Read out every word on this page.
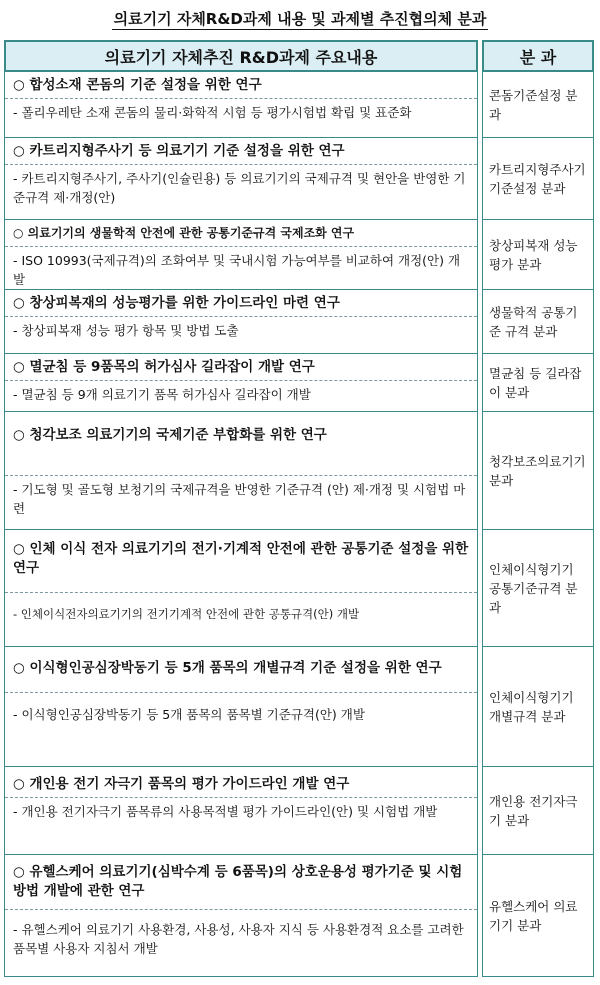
의료기기 자체R&D과제 내용 및 과제별 추진협의체 분과
의료기기 자체추진 R&D과제 주요내용
○ 합성소재 콘돔의 기준 설정을 위한 연구
- 폴리우레탄 소재 콘돔의 물리·화학적 시험 등 평가시험법 확립 및 표준화
○ 카트리지형주사기 등 의료기기 기준 설정을 위한 연구
- 카트리지형주사기, 주사기(인슐린용) 등 의료기기의 국제규격 및 현안을 반영한 기준규격 제·개정(안)
○ 의료기기의 생물학적 안전에 관한 공통기준규격 국제조화 연구
- ISO 10993(국제규격)의 조화여부 및 국내시험 가능여부를 비교하여 개정(안) 개발
○ 창상피복재의 성능평가를 위한 가이드라인 마련 연구
- 창상피복재 성능 평가 항목 및 방법 도출
○ 멸균침 등 9품목의 허가심사 길라잡이 개발 연구
- 멸균침 등 9개 의료기기 품목 허가심사 길라잡이 개발
○ 청각보조 의료기기의 국제기준 부합화를 위한 연구
- 기도형 및 골도형 보청기의 국제규격을 반영한 기준규격 (안) 제·개정 및 시험법 마련
○ 인체 이식 전자 의료기기의 전기·기계적 안전에 관한 공통기준 설정을 위한 연구
- 인체이식전자의료기기의 전기기계적 안전에 관한 공통규격(안) 개발
○ 이식형인공심장박동기 등 5개 품목의 개별규격 기준 설정을 위한 연구
- 이식형인공심장박동기 등 5개 품목의 품목별 기준규격(안) 개발
○ 개인용 전기 자극기 품목의 평가 가이드라인 개발 연구
- 개인용 전기자극기 품목류의 사용목적별 평가 가이드라인(안) 및 시험법 개발
○ 유헬스케어 의료기기(심박수계 등 6품목)의 상호운용성 평가기준 및 시험방법 개발에 관한 연구
- 유헬스케어 의료기기 사용환경, 사용성, 사용자 지식 등 사용환경적 요소를 고려한 품목별 사용자 지침서 개발
분 과
콘돔기준설정 분과
카트리지형주사기 기준설정 분과
창상피복재 성능평가 분과
생물학적 공통기준 규격 분과
멸균침 등 길라잡이 분과
청각보조의료기기 분과
인체이식형기기 공통기준규격 분과
인체이식형기기 개별규격 분과
개인용 전기자극기 분과
유헬스케어 의료기기 분과
